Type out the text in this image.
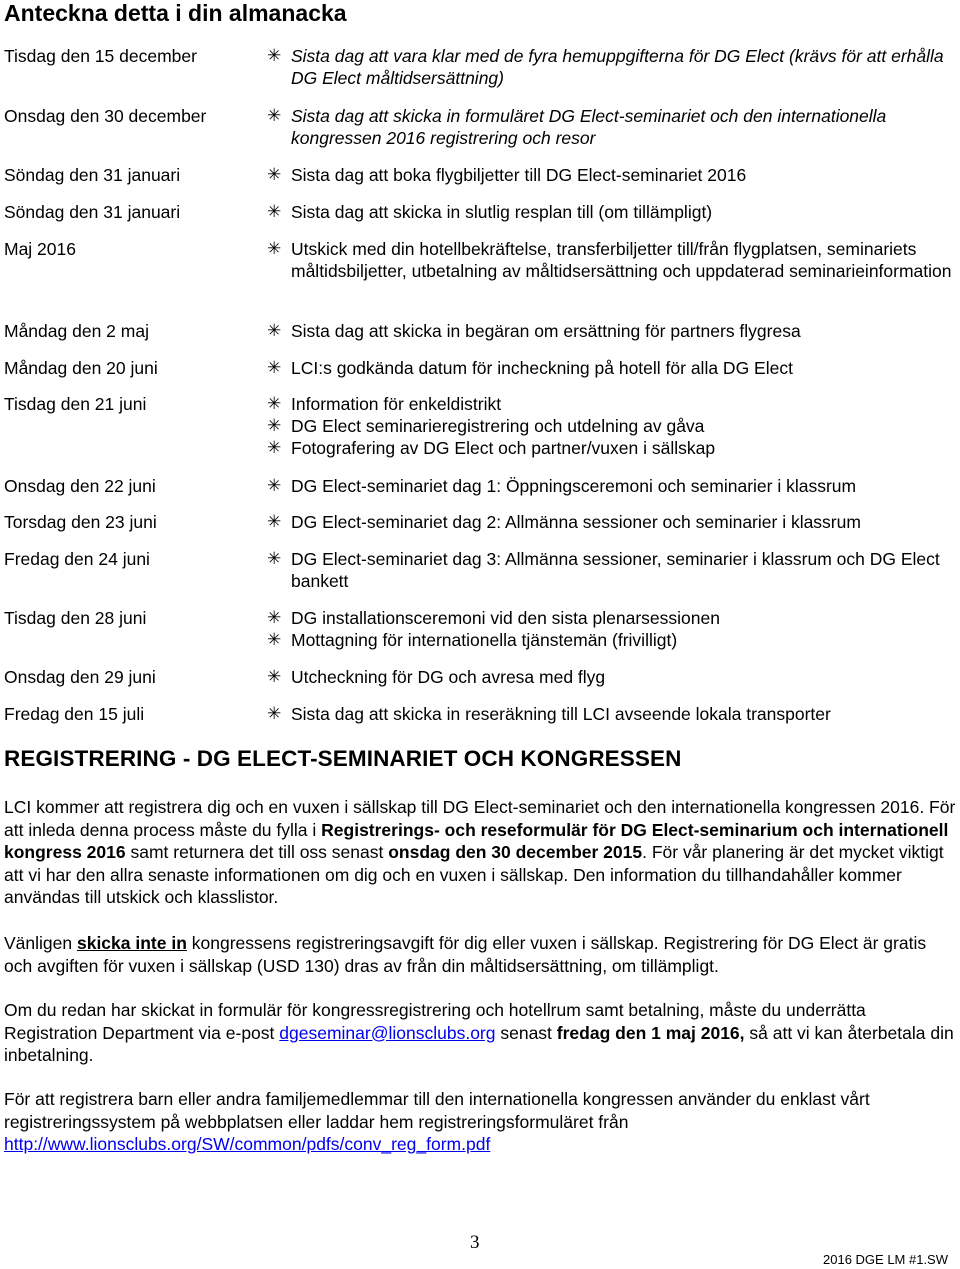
Anteckna detta i din almanacka
Tisdag den 15 december	✳ Sista dag att vara klar med de fyra hemuppgifterna för DG Elect (krävs för att erhålla DG Elect måltidsersättning)
Onsdag den 30 december	✳ Sista dag att skicka in formuläret DG Elect-seminariet och den internationella kongressen 2016 registrering och resor
Söndag den 31 januari	✳ Sista dag att boka flygbiljetter till DG Elect-seminariet 2016
Söndag den 31 januari	✳ Sista dag att skicka in slutlig resplan till (om tillämpligt)
Maj 2016	✳ Utskick med din hotellbekräftelse, transferbiljetter till/från flygplatsen, seminariets måltidsbiljetter, utbetalning av måltidsersättning och uppdaterad seminarieinformation
Måndag den 2 maj	✳ Sista dag att skicka in begäran om ersättning för partners flygresa
Måndag den 20 juni	✳ LCI:s godkända datum för incheckning på hotell för alla DG Elect
Tisdag den 21 juni	✳ Information för enkeldistrikt
✳ DG Elect seminarieregistrering och utdelning av gåva
✳ Fotografering av DG Elect och partner/vuxen i sällskap
Onsdag den 22 juni	✳ DG Elect-seminariet dag 1: Öppningsceremoni och seminarier i klassrum
Torsdag den 23 juni	✳ DG Elect-seminariet dag 2: Allmänna sessioner och seminarier i klassrum
Fredag den 24 juni	✳ DG Elect-seminariet dag 3: Allmänna sessioner, seminarier i klassrum och DG Elect bankett
Tisdag den 28 juni	✳ DG installationsceremoni vid den sista plenarsessionen
✳ Mottagning för internationella tjänstemän (frivilligt)
Onsdag den 29 juni	✳ Utcheckning för DG och avresa med flyg
Fredag den 15 juli	✳ Sista dag att skicka in reseräkning till LCI avseende lokala transporter
REGISTRERING - DG ELECT-SEMINARIET OCH KONGRESSEN
LCI kommer att registrera dig och en vuxen i sällskap till DG Elect-seminariet och den internationella kongressen 2016. För att inleda denna process måste du fylla i Registrerings- och reseformulär för DG Elect-seminarium och internationell kongress 2016 samt returnera det till oss senast onsdag den 30 december 2015. För vår planering är det mycket viktigt att vi har den allra senaste informationen om dig och en vuxen i sällskap. Den information du tillhandahåller kommer användas till utskick och klasslistor.
Vänligen skicka inte in kongressens registreringsavgift för dig eller vuxen i sällskap. Registrering för DG Elect är gratis och avgiften för vuxen i sällskap (USD 130) dras av från din måltidsersättning, om tillämpligt.
Om du redan har skickat in formulär för kongressregistrering och hotellrum samt betalning, måste du underrätta Registration Department via e-post dgeseminar@lionsclubs.org senast fredag den 1 maj 2016, så att vi kan återbetala din inbetalning.
För att registrera barn eller andra familjemedlemmar till den internationella kongressen använder du enklast vårt registreringssystem på webbplatsen eller laddar hem registreringsformuläret från http://www.lionsclubs.org/SW/common/pdfs/conv_reg_form.pdf
3
2016 DGE LM #1.SW
